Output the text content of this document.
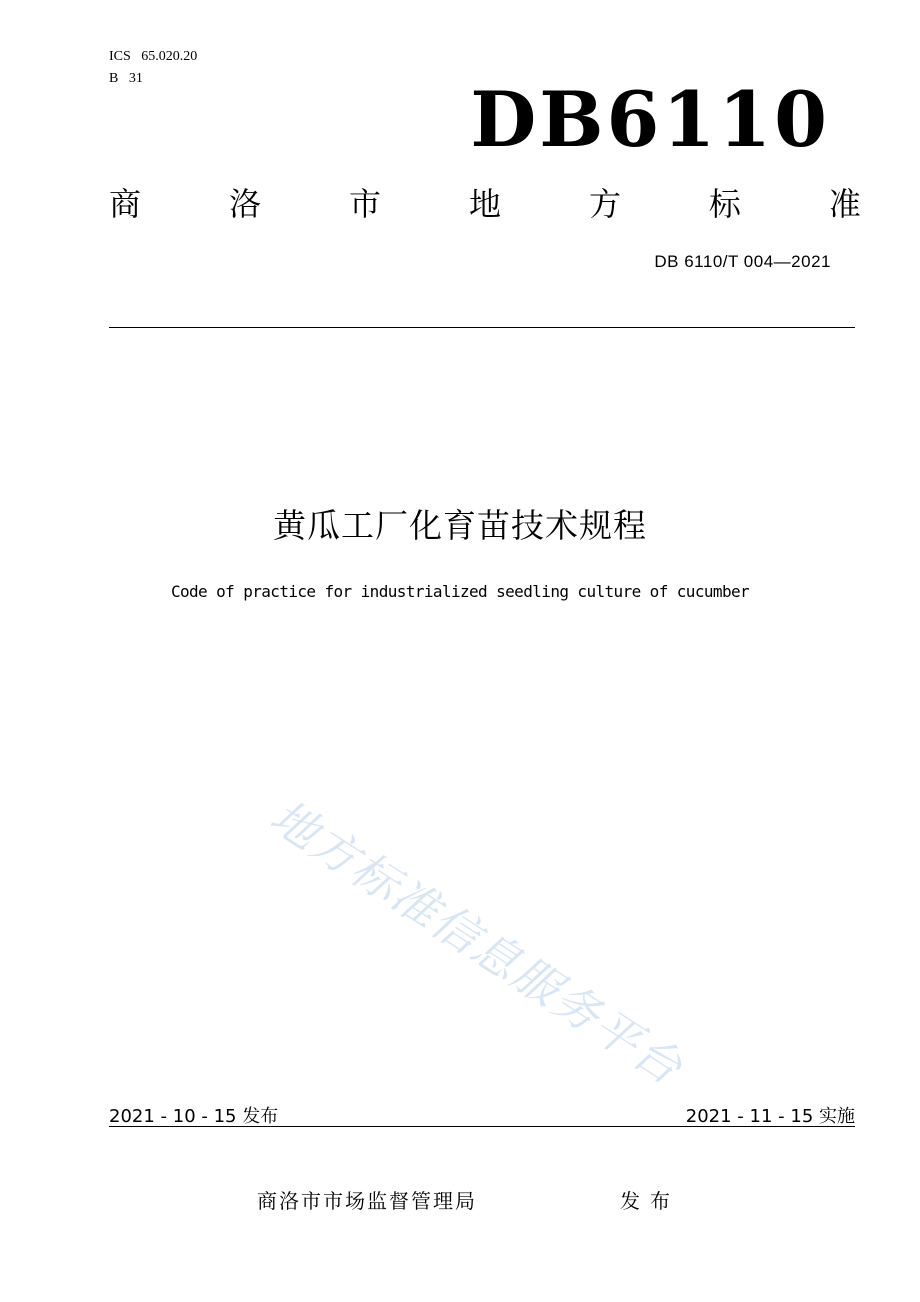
ICS   65.020.20
B   31	DB6110
商	洛	市	地	方	标	准
DB 6110/T 004—2021
黄瓜工厂化育苗技术规程
Code of practice for industrialized seedling culture of cucumber
地方标准信息服务平台
2021 - 10 - 15 发布	2021 - 11 - 15 实施
商洛市市场监督管理局	发布
